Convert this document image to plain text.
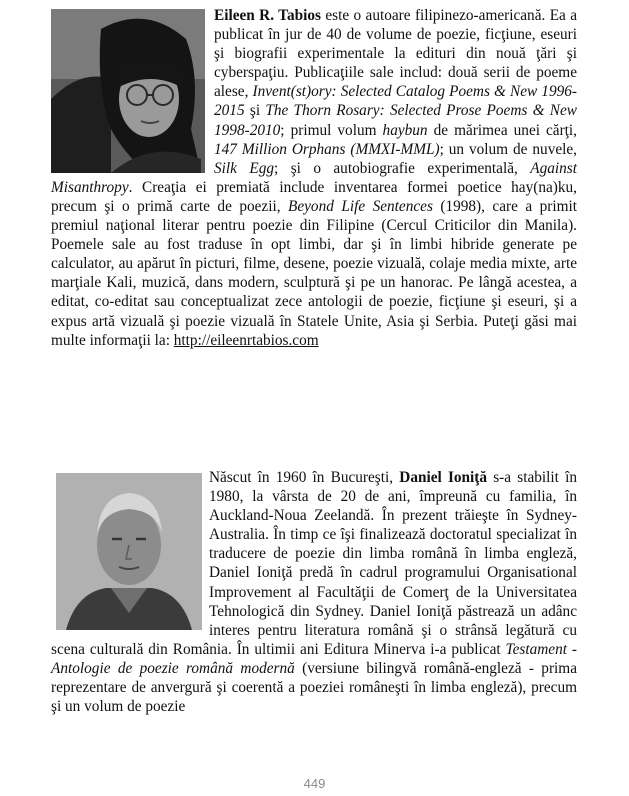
Eileen R. Tabios este o autoare filipinezo-americană. Ea a publicat în jur de 40 de volume de poezie, ficţiune, eseuri şi biografii experimentale la edituri din nouă ţări şi cyberspaţiu. Publicaţiile sale includ: două serii de poeme alese, Invent(st)ory: Selected Catalog Poems & New 1996-2015 şi The Thorn Rosary: Selected Prose Poems & New 1998-2010; primul volum haybun de mărimea unei cărţi, 147 Million Orphans (MMXI-MML); un volum de nuvele, Silk Egg; şi o autobiografie experimentală, Against Misanthropy. Creaţia ei premiată include inventarea formei poetice hay(na)ku, precum şi o primă carte de poezii, Beyond Life Sentences (1998), care a primit premiul naţional literar pentru poezie din Filipine (Cercul Criticilor din Manila). Poemele sale au fost traduse în opt limbi, dar şi în limbi hibride generate pe calculator, au apărut în picturi, filme, desene, poezie vizuală, colaje media mixte, arte marţiale Kali, muzică, dans modern, sculptură şi pe un hanorac. Pe lângă acestea, a editat, co-editat sau conceptualizat zece antologii de poezie, ficţiune şi eseuri, şi a expus artă vizuală şi poezie vizuală în Statele Unite, Asia şi Serbia. Puteţi găsi mai multe informaţii la: http://eileenrtabios.com

Născut în 1960 în Bucureşti, Daniel Ioniţă s-a stabilit în 1980, la vârsta de 20 de ani, împreună cu familia, în Auckland-Noua Zeelandă. În prezent trăieşte în Sydney-Australia. În timp ce îşi finalizează doctoratul specializat în traducere de poezie din limba română în limba engleză, Daniel Ioniţă predă în cadrul programului Organisational Improvement al Facultăţii de Comerţ de la Universitatea Tehnologică din Sydney. Daniel Ioniţă păstrează un adânc interes pentru literatura română şi o strânsă legătură cu scena culturală din România. În ultimii ani Editura Minerva i-a publicat Testament - Antologie de poezie română modernă (versiune bilingvă română-engleză - prima reprezentare de anvergură şi coerentă a poeziei româneşti în limba engleză), precum şi un volum de poezie

449
